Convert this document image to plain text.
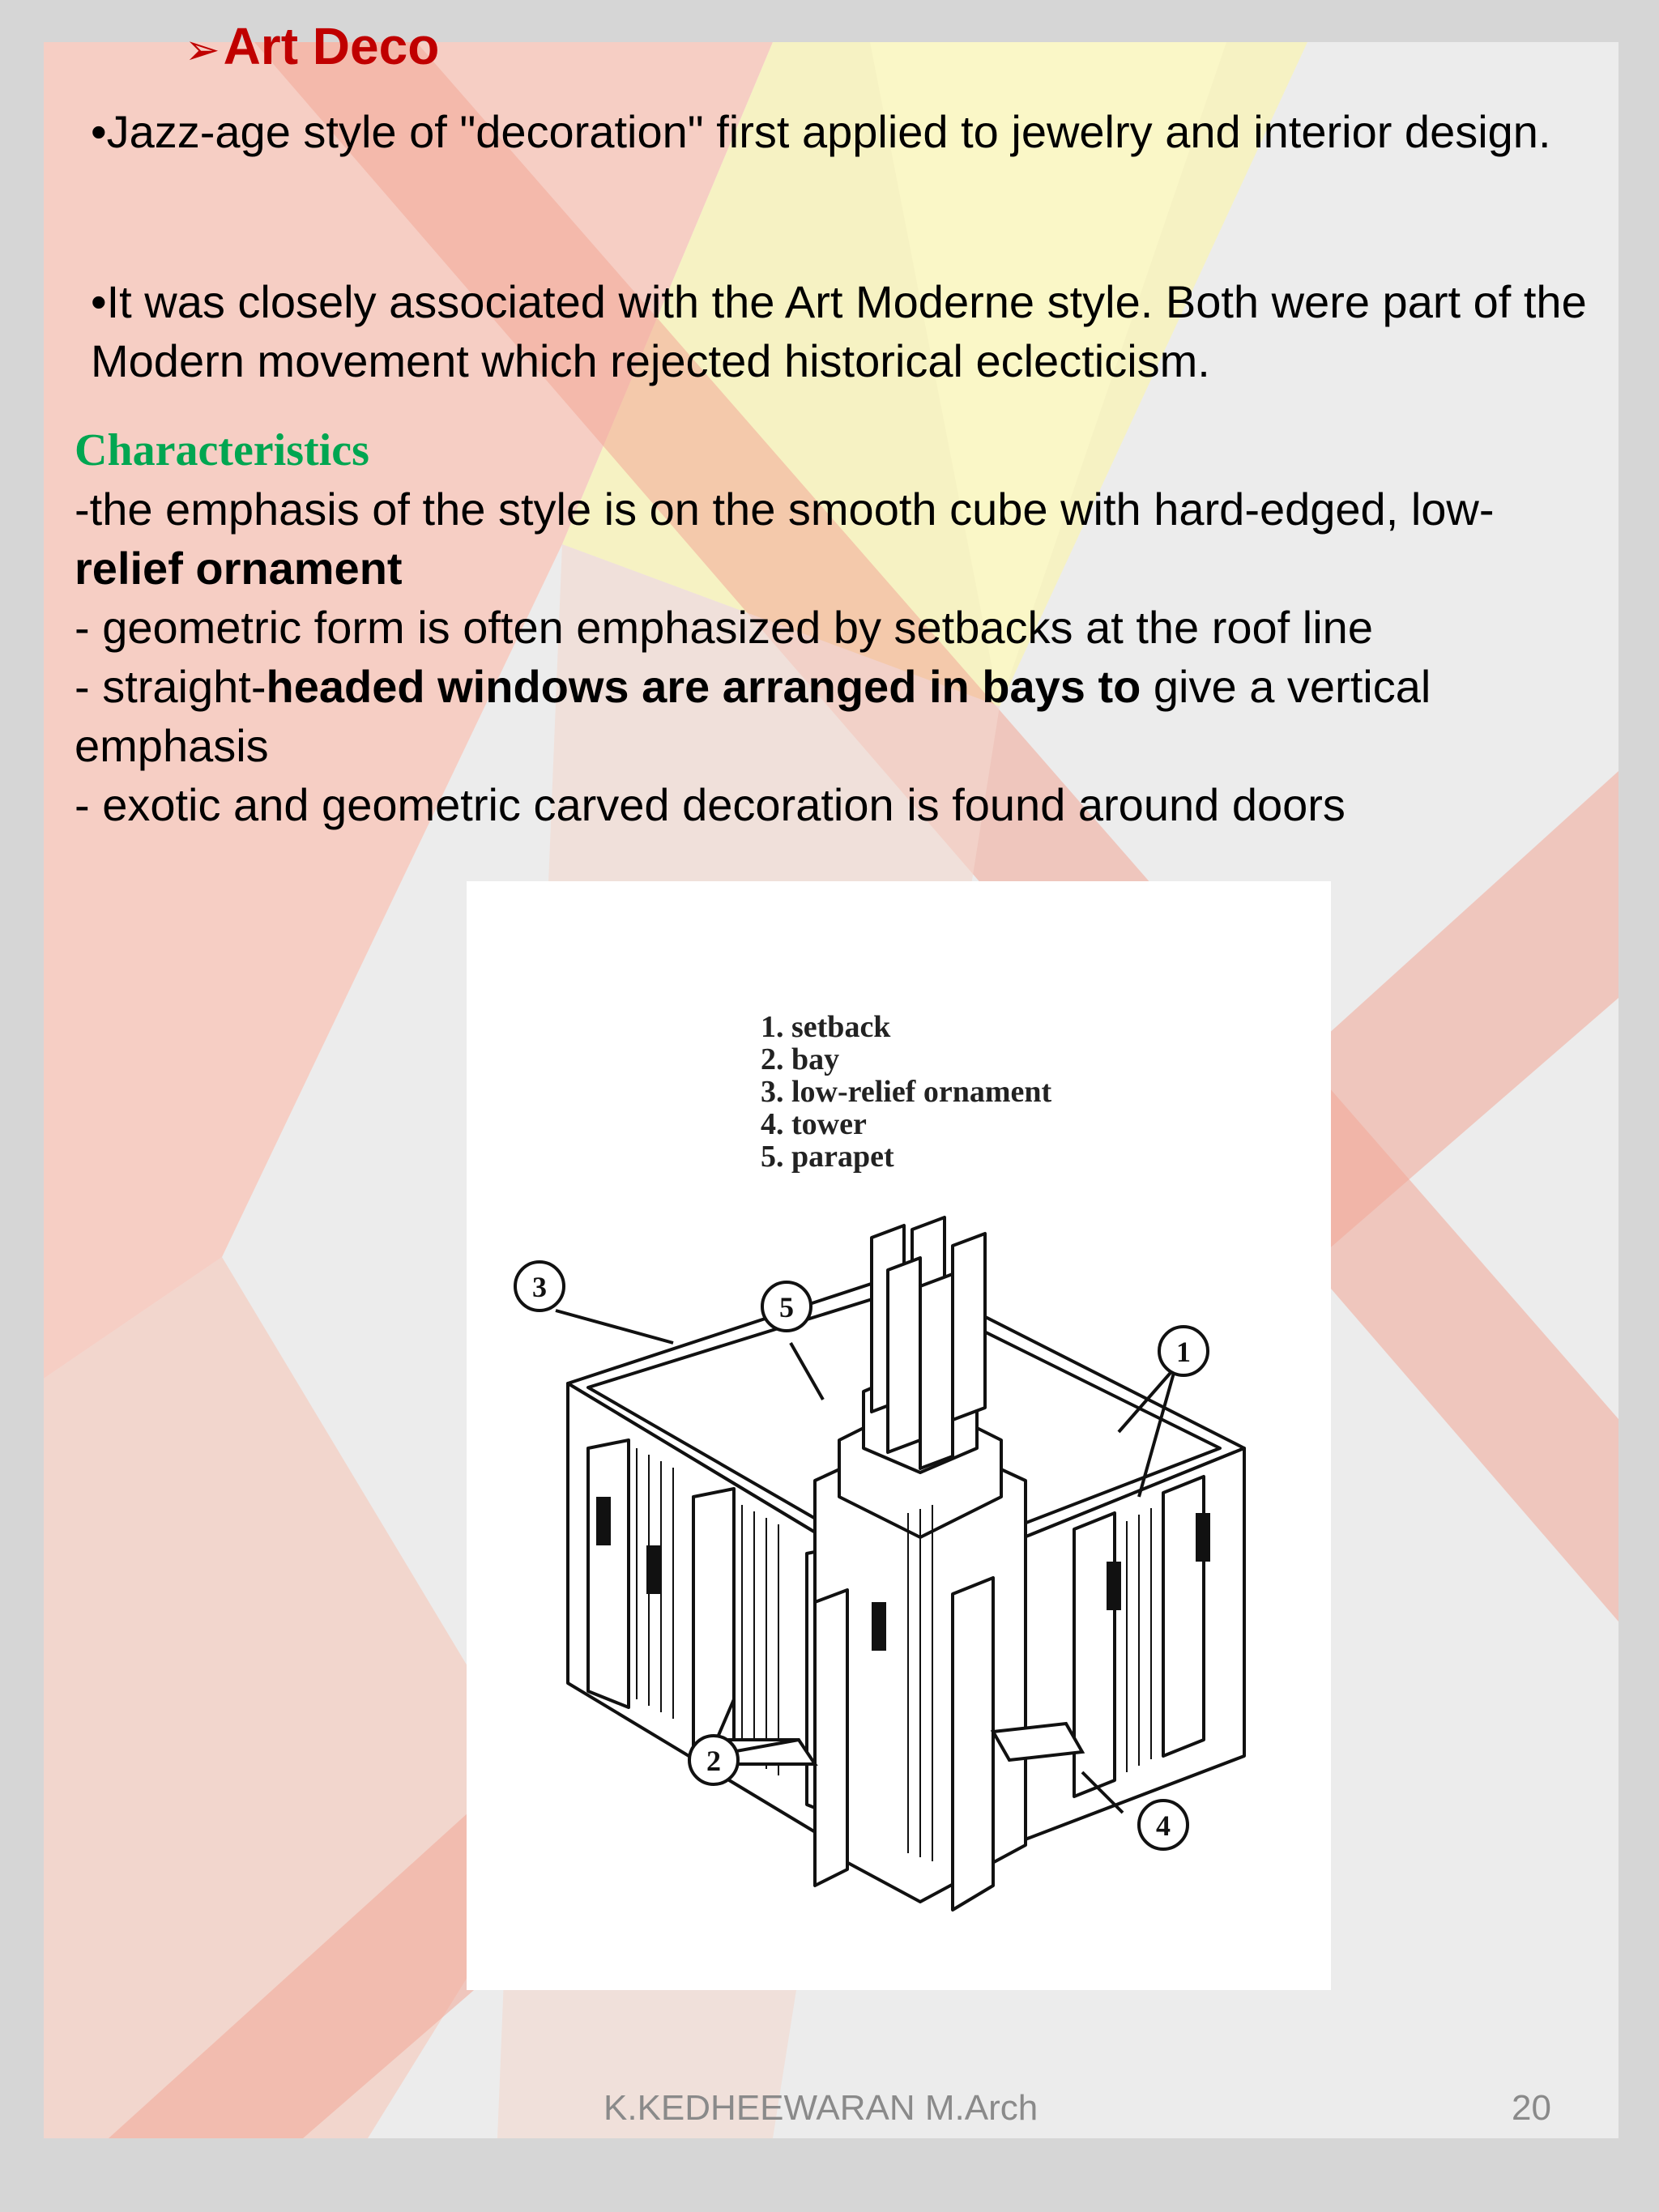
➢Art Deco
•Jazz-age style of "decoration" first applied to jewelry and interior design.
•It was closely associated with the Art Moderne style. Both were part of the Modern movement which rejected historical eclecticism.
Characteristics
-the emphasis of the style is on the smooth cube with hard-edged, low-
relief ornament
- geometric form is often emphasized by setbacks at the roof line
- straight-headed windows are arranged in bays to give a vertical
emphasis
- exotic and geometric carved decoration is found around doors
1. setback
2. bay
3. low-relief ornament
4. tower
5. parapet
5
3
1
2
4
K.KEDHEEWARAN M.Arch	20
